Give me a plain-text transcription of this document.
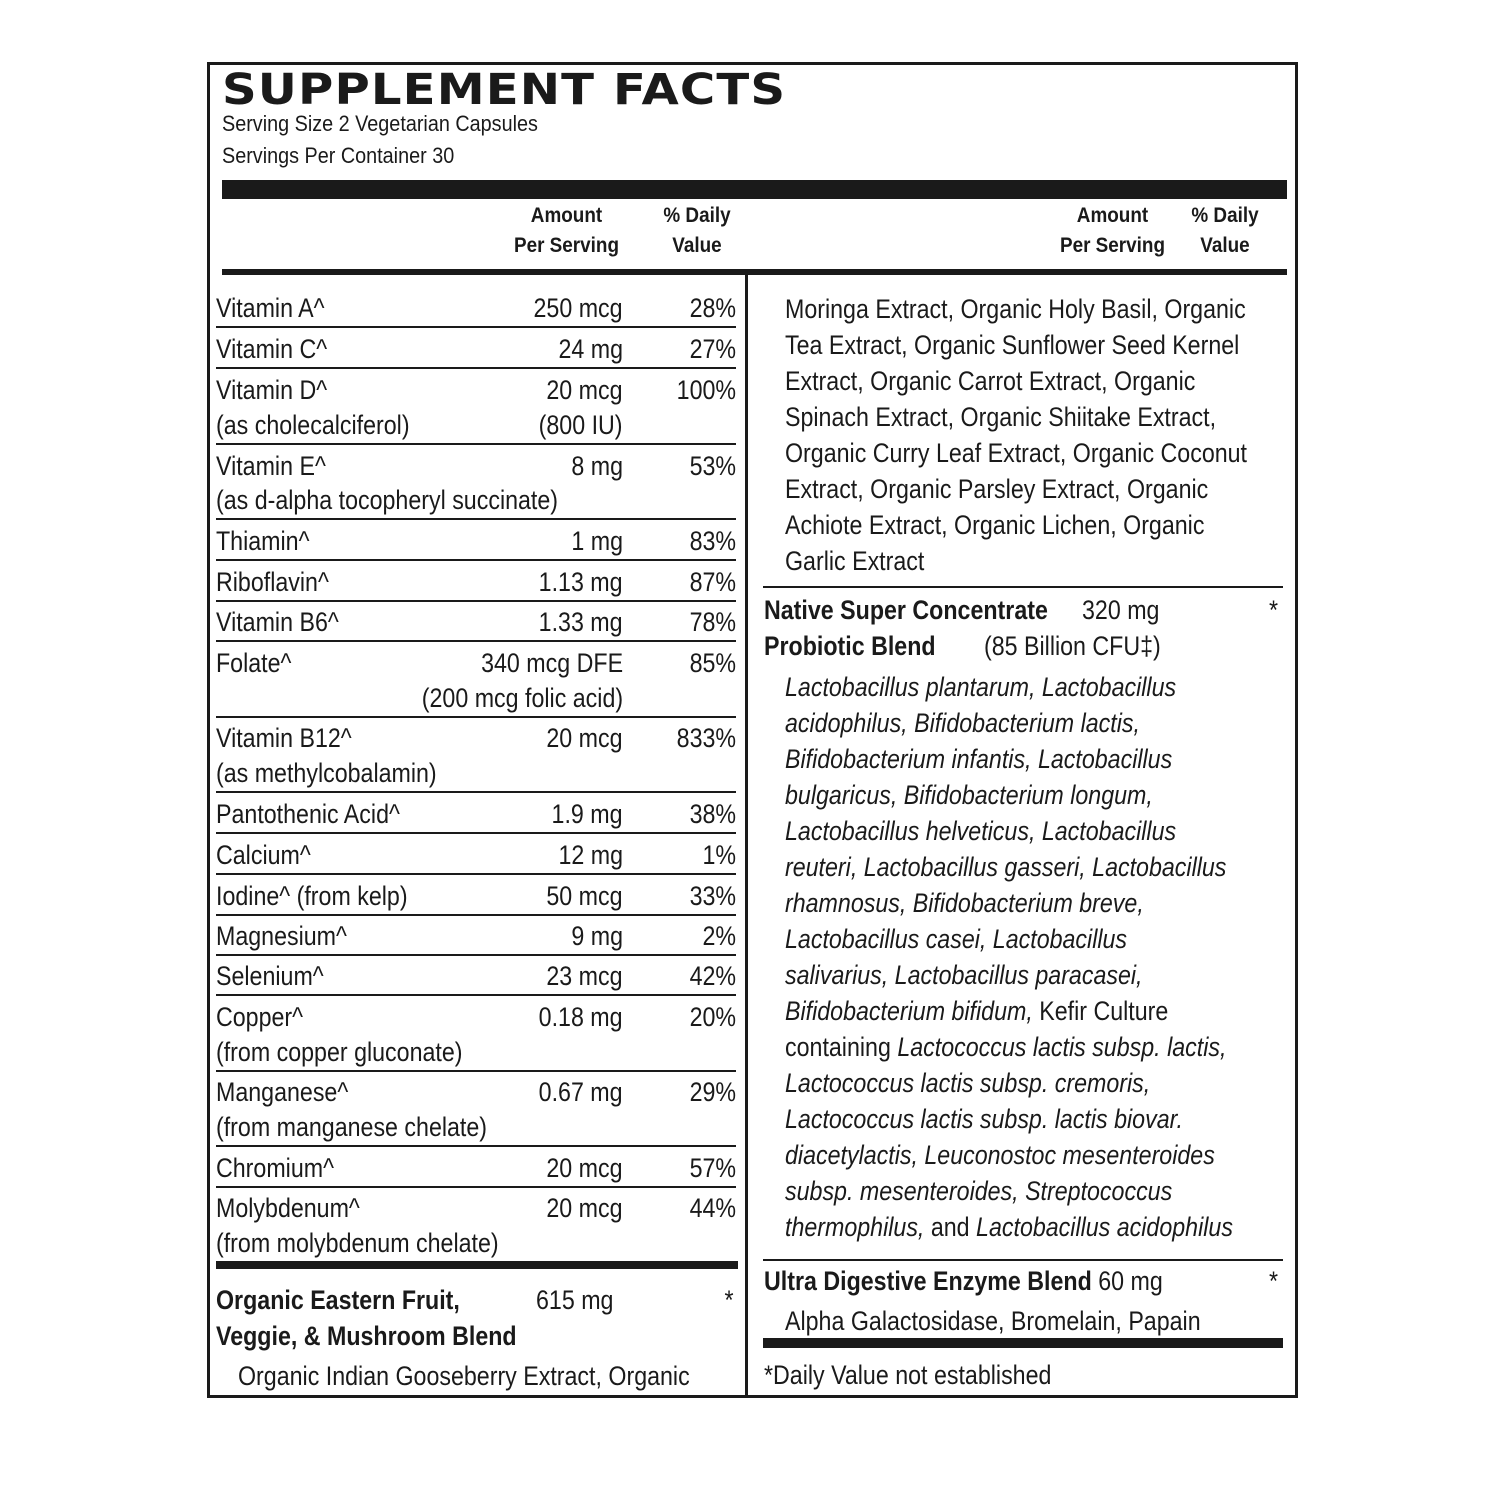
SUPPLEMENT FACTS
Serving Size 2 Vegetarian Capsules
Servings Per Container 30
Amount
Per Serving
% Daily
Value
Amount
Per Serving
% Daily
Value
Vitamin A^	250 mcg 28%
Vitamin C^	24 mg 27%
Vitamin D^	20 mcg 100%
(as cholecalciferol)	(800 IU)
Vitamin E^	8 mg 53%
(as d-alpha tocopheryl succinate)
Thiamin^	1 mg 83%
Riboflavin^	1.13 mg 87%
Vitamin B6^	1.33 mg 78%
Folate^	340 mcg DFE 85%
(200 mcg folic acid)
Vitamin B12^	20 mcg 833%
(as methylcobalamin)
Pantothenic Acid^	1.9 mg 38%
Calcium^	12 mg	1%
Iodine^ (from kelp)	50 mcg 33%
Magnesium^	9 mg	2%
Selenium^	23 mcg 42%
Copper^	0.18 mg 20%
(from copper gluconate)
Manganese^	0.67 mg 29%
(from manganese chelate)
Chromium^	20 mcg 57%
Molybdenum^	20 mcg 44%
(from molybdenum chelate)
Organic Eastern Fruit,
Veggie, & Mushroom Blend
615 mg	*
Organic Indian Gooseberry Extract, Organic
Moringa Extract, Organic Holy Basil, Organic
Tea Extract, Organic Sunflower Seed Kernel
Extract, Organic Carrot Extract, Organic
Spinach Extract, Organic Shiitake Extract,
Organic Curry Leaf Extract, Organic Coconut
Extract, Organic Parsley Extract, Organic
Achiote Extract, Organic Lichen, Organic
Garlic Extract
Native Super Concentrate 320 mg	*
Probiotic Blend (85 Billion CFU‡)
Lactobacillus plantarum, Lactobacillus
acidophilus, Bifidobacterium lactis,
Bifidobacterium infantis, Lactobacillus
bulgaricus, Bifidobacterium longum,
Lactobacillus helveticus, Lactobacillus
reuteri, Lactobacillus gasseri, Lactobacillus
rhamnosus, Bifidobacterium breve,
Lactobacillus casei, Lactobacillus
salivarius, Lactobacillus paracasei,
Bifidobacterium bifidum, Kefir Culture
containing Lactococcus lactis subsp. lactis,
Lactococcus lactis subsp. cremoris,
Lactococcus lactis subsp. lactis biovar.
diacetylactis, Leuconostoc mesenteroides
subsp. mesenteroides, Streptococcus
thermophilus, and Lactobacillus acidophilus
Ultra Digestive Enzyme Blend 60 mg	*
Alpha Galactosidase, Bromelain, Papain
*Daily Value not established
